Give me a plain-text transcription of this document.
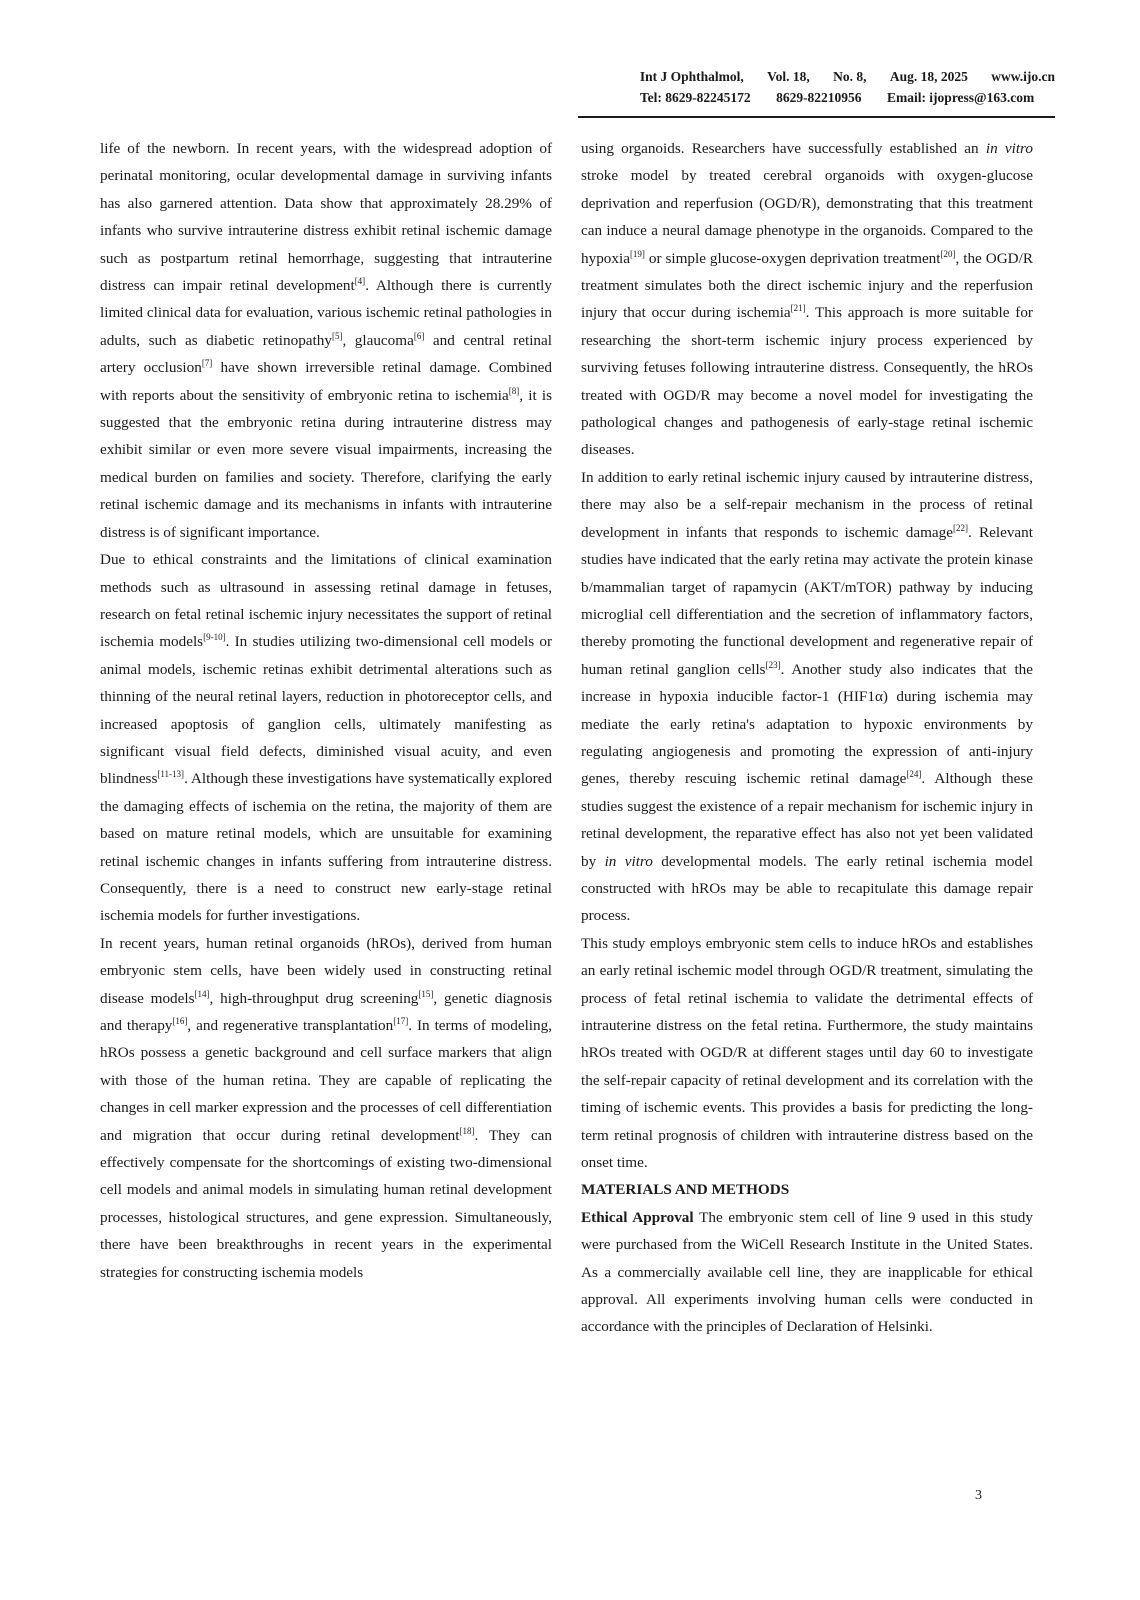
Int J Ophthalmol, Vol. 18, No. 8, Aug. 18, 2025 www.ijo.cn
Tel: 8629-82245172 8629-82210956 Email: ijopress@163.com

life of the newborn. In recent years, with the widespread adoption of perinatal monitoring, ocular developmental damage in surviving infants has also garnered attention. Data show that approximately 28.29% of infants who survive intrauterine distress exhibit retinal ischemic damage such as postpartum retinal hemorrhage, suggesting that intrauterine distress can impair retinal development[4]. Although there is currently limited clinical data for evaluation, various ischemic retinal pathologies in adults, such as diabetic retinopathy[5], glaucoma[6] and central retinal artery occlusion[7] have shown irreversible retinal damage. Combined with reports about the sensitivity of embryonic retina to ischemia[8], it is suggested that the embryonic retina during intrauterine distress may exhibit similar or even more severe visual impairments, increasing the medical burden on families and society. Therefore, clarifying the early retinal ischemic damage and its mechanisms in infants with intrauterine distress is of significant importance.

Due to ethical constraints and the limitations of clinical examination methods such as ultrasound in assessing retinal damage in fetuses, research on fetal retinal ischemic injury necessitates the support of retinal ischemia models[9-10]. In studies utilizing two-dimensional cell models or animal models, ischemic retinas exhibit detrimental alterations such as thinning of the neural retinal layers, reduction in photoreceptor cells, and increased apoptosis of ganglion cells, ultimately manifesting as significant visual field defects, diminished visual acuity, and even blindness[11-13]. Although these investigations have systematically explored the damaging effects of ischemia on the retina, the majority of them are based on mature retinal models, which are unsuitable for examining retinal ischemic changes in infants suffering from intrauterine distress. Consequently, there is a need to construct new early-stage retinal ischemia models for further investigations.

In recent years, human retinal organoids (hROs), derived from human embryonic stem cells, have been widely used in constructing retinal disease models[14], high-throughput drug screening[15], genetic diagnosis and therapy[16], and regenerative transplantation[17]. In terms of modeling, hROs possess a genetic background and cell surface markers that align with those of the human retina. They are capable of replicating the changes in cell marker expression and the processes of cell differentiation and migration that occur during retinal development[18]. They can effectively compensate for the shortcomings of existing two-dimensional cell models and animal models in simulating human retinal development processes, histological structures, and gene expression. Simultaneously, there have been breakthroughs in recent years in the experimental strategies for constructing ischemia models

using organoids. Researchers have successfully established an in vitro stroke model by treated cerebral organoids with oxygen-glucose deprivation and reperfusion (OGD/R), demonstrating that this treatment can induce a neural damage phenotype in the organoids. Compared to the hypoxia[19] or simple glucose-oxygen deprivation treatment[20], the OGD/R treatment simulates both the direct ischemic injury and the reperfusion injury that occur during ischemia[21]. This approach is more suitable for researching the short-term ischemic injury process experienced by surviving fetuses following intrauterine distress. Consequently, the hROs treated with OGD/R may become a novel model for investigating the pathological changes and pathogenesis of early-stage retinal ischemic diseases.

In addition to early retinal ischemic injury caused by intrauterine distress, there may also be a self-repair mechanism in the process of retinal development in infants that responds to ischemic damage[22]. Relevant studies have indicated that the early retina may activate the protein kinase b/mammalian target of rapamycin (AKT/mTOR) pathway by inducing microglial cell differentiation and the secretion of inflammatory factors, thereby promoting the functional development and regenerative repair of human retinal ganglion cells[23]. Another study also indicates that the increase in hypoxia inducible factor-1 (HIF1α) during ischemia may mediate the early retina's adaptation to hypoxic environments by regulating angiogenesis and promoting the expression of anti-injury genes, thereby rescuing ischemic retinal damage[24]. Although these studies suggest the existence of a repair mechanism for ischemic injury in retinal development, the reparative effect has also not yet been validated by in vitro developmental models. The early retinal ischemia model constructed with hROs may be able to recapitulate this damage repair process.

This study employs embryonic stem cells to induce hROs and establishes an early retinal ischemic model through OGD/R treatment, simulating the process of fetal retinal ischemia to validate the detrimental effects of intrauterine distress on the fetal retina. Furthermore, the study maintains hROs treated with OGD/R at different stages until day 60 to investigate the self-repair capacity of retinal development and its correlation with the timing of ischemic events. This provides a basis for predicting the long-term retinal prognosis of children with intrauterine distress based on the onset time.

MATERIALS AND METHODS

Ethical Approval The embryonic stem cell of line 9 used in this study were purchased from the WiCell Research Institute in the United States. As a commercially available cell line, they are inapplicable for ethical approval. All experiments involving human cells were conducted in accordance with the principles of Declaration of Helsinki.

3
